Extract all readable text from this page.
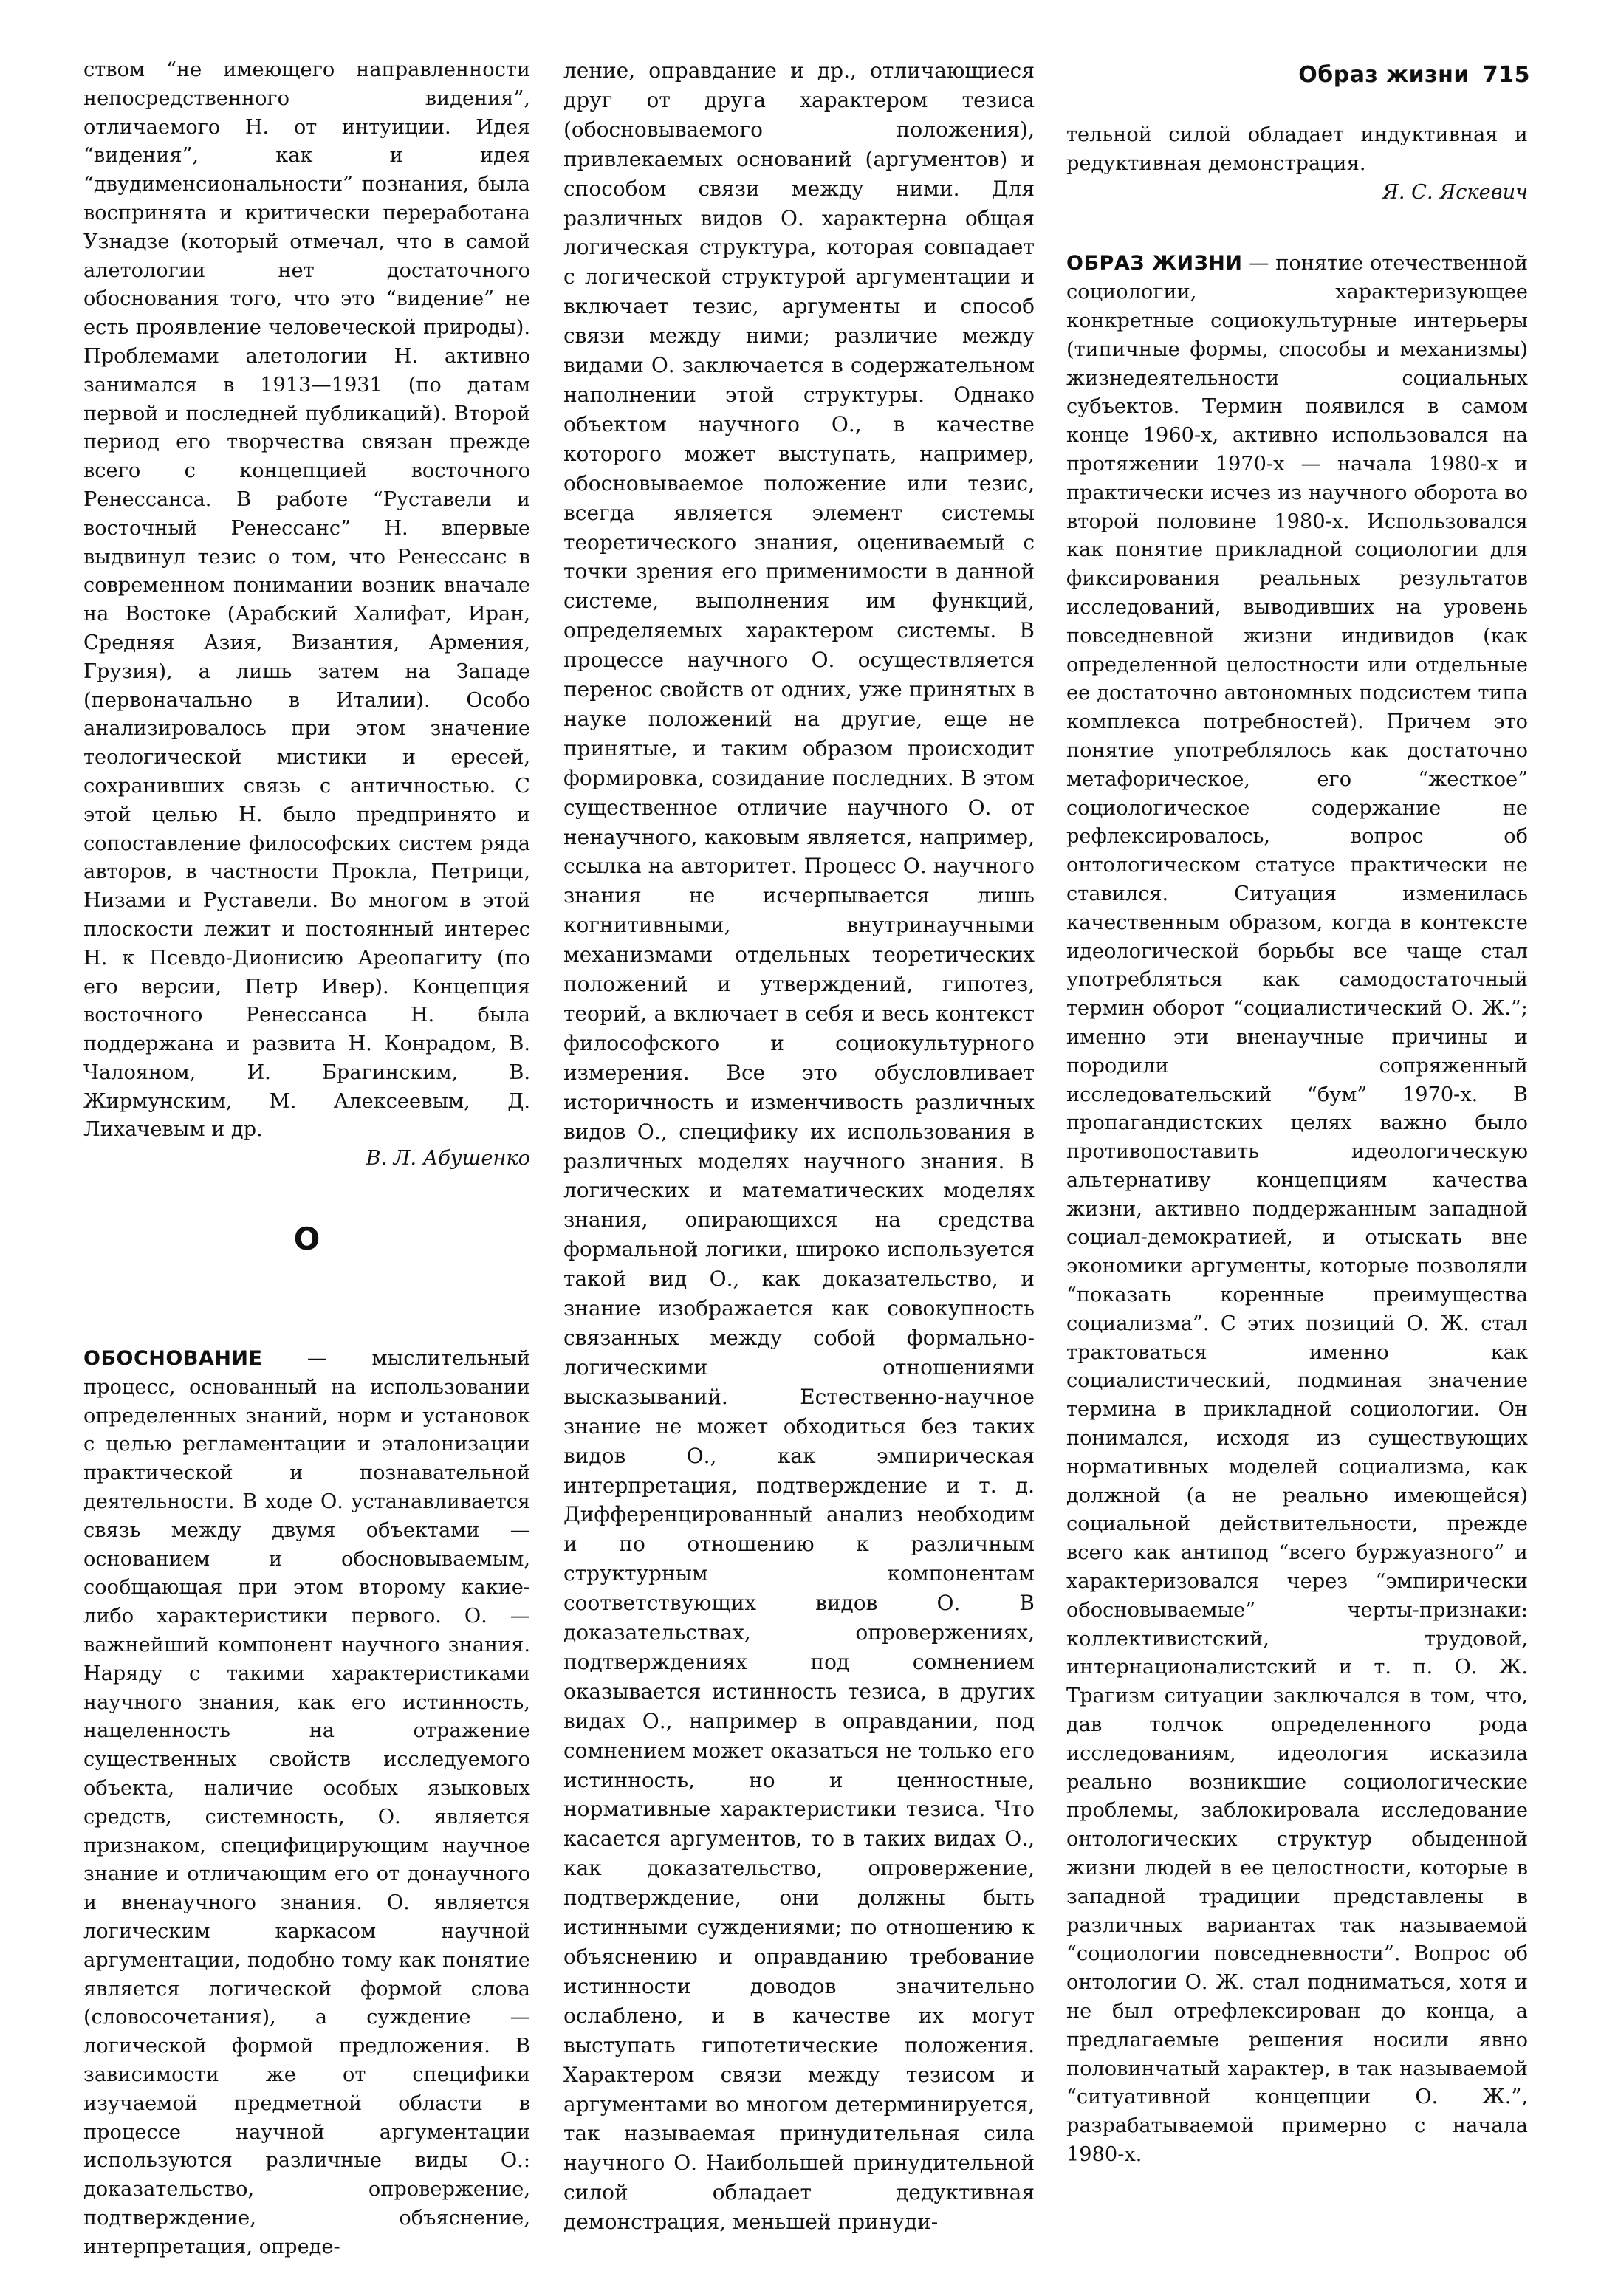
Образ жизни 715

ством “не имеющего направленности непосредственного видения”, отличаемого Н. от интуиции. Идея “видения”, как и идея “двудименсиональности” познания, была воспринята и критически переработана Узнадзе (который отмечал, что в самой алетологии нет достаточного обоснования того, что это “видение” не есть проявление человеческой природы). Проблемами алетологии Н. активно занимался в 1913—1931 (по датам первой и последней публикаций). Второй период его творчества связан прежде всего с концепцией восточного Ренессанса. В работе “Руставели и восточный Ренессанс” Н. впервые выдвинул тезис о том, что Ренессанс в современном понимании возник вначале на Востоке (Арабский Халифат, Иран, Средняя Азия, Византия, Армения, Грузия), а лишь затем на Западе (первоначально в Италии). Особо анализировалось при этом значение теологической мистики и ересей, сохранивших связь с античностью. С этой целью Н. было предпринято и сопоставление философских систем ряда авторов, в частности Прокла, Петрици, Низами и Руставели. Во многом в этой плоскости лежит и постоянный интерес Н. к Псевдо-Дионисию Ареопагиту (по его версии, Петр Ивер). Концепция восточного Ренессанса Н. была поддержана и развита Н. Конрадом, В. Чалояном, И. Брагинским, В. Жирмунским, М. Алексеевым, Д. Лихачевым и др.

В. Л. Абушенко

О

ОБОСНОВАНИЕ — мыслительный процесс, основанный на использовании определенных знаний, норм и установок с целью регламентации и эталонизации практической и познавательной деятельности. В ходе О. устанавливается связь между двумя объектами — основанием и обосновываемым, сообщающая при этом второму какие-либо характеристики первого. О. — важнейший компонент научного знания. Наряду с такими характеристиками научного знания, как его истинность, нацеленность на отражение существенных свойств исследуемого объекта, наличие особых языковых средств, системность, О. является признаком, специфицирующим научное знание и отличающим его от донаучного и вненаучного знания. О. является логическим каркасом научной аргументации, подобно тому как понятие является логической формой слова (словосочетания), а суждение — логической формой предложения. В зависимости же от специфики изучаемой предметной области в процессе научной аргументации используются различные виды О.: доказательство, опровержение, подтверждение, объяснение, интерпретация, опреде-

ление, оправдание и др., отличающиеся друг от друга характером тезиса (обосновываемого положения), привлекаемых оснований (аргументов) и способом связи между ними. Для различных видов О. характерна общая логическая структура, которая совпадает с логической структурой аргументации и включает тезис, аргументы и способ связи между ними; различие между видами О. заключается в содержательном наполнении этой структуры. Однако объектом научного О., в качестве которого может выступать, например, обосновываемое положение или тезис, всегда является элемент системы теоретического знания, оцениваемый с точки зрения его применимости в данной системе, выполнения им функций, определяемых характером системы. В процессе научного О. осуществляется перенос свойств от одних, уже принятых в науке положений на другие, еще не принятые, и таким образом происходит формировка, созидание последних. В этом существенное отличие научного О. от ненаучного, каковым является, например, ссылка на авторитет. Процесс О. научного знания не исчерпывается лишь когнитивными, внутринаучными механизмами отдельных теоретических положений и утверждений, гипотез, теорий, а включает в себя и весь контекст философского и социокультурного измерения. Все это обусловливает историчность и изменчивость различных видов О., специфику их использования в различных моделях научного знания. В логических и математических моделях знания, опирающихся на средства формальной логики, широко используется такой вид О., как доказательство, и знание изображается как совокупность связанных между собой формально-логическими отношениями высказываний. Естественно-научное знание не может обходиться без таких видов О., как эмпирическая интерпретация, подтверждение и т. д. Дифференцированный анализ необходим и по отношению к различным структурным компонентам соответствующих видов О. В доказательствах, опровержениях, подтверждениях под сомнением оказывается истинность тезиса, в других видах О., например в оправдании, под сомнением может оказаться не только его истинность, но и ценностные, нормативные характеристики тезиса. Что касается аргументов, то в таких видах О., как доказательство, опровержение, подтверждение, они должны быть истинными суждениями; по отношению к объяснению и оправданию требование истинности доводов значительно ослаблено, и в качестве их могут выступать гипотетические положения. Характером связи между тезисом и аргументами во многом детерминируется, так называемая принудительная сила научного О. Наибольшей принудительной силой обладает дедуктивная демонстрация, меньшей принуди-

тельной силой обладает индуктивная и редуктивная демонстрация.

Я. С. Яскевич

ОБРАЗ ЖИЗНИ — понятие отечественной социологии, характеризующее конкретные социокультурные интерьеры (типичные формы, способы и механизмы) жизнедеятельности социальных субъектов. Термин появился в самом конце 1960-х, активно использовался на протяжении 1970-х — начала 1980-х и практически исчез из научного оборота во второй половине 1980-х. Использовался как понятие прикладной социологии для фиксирования реальных результатов исследований, выводивших на уровень повседневной жизни индивидов (как определенной целостности или отдельные ее достаточно автономных подсистем типа комплекса потребностей). Причем это понятие употреблялось как достаточно метафорическое, его “жесткое” социологическое содержание не рефлексировалось, вопрос об онтологическом статусе практически не ставился. Ситуация изменилась качественным образом, когда в контексте идеологической борьбы все чаще стал употребляться как самодостаточный термин оборот “социалистический О. Ж.”; именно эти вненаучные причины и породили сопряженный исследовательский “бум” 1970-х. В пропагандистских целях важно было противопоставить идеологическую альтернативу концепциям качества жизни, активно поддержанным западной социал-демократией, и отыскать вне экономики аргументы, которые позволяли “показать коренные преимущества социализма”. С этих позиций О. Ж. стал трактоваться именно как социалистический, подминая значение термина в прикладной социологии. Он понимался, исходя из существующих нормативных моделей социализма, как должной (а не реально имеющейся) социальной действительности, прежде всего как антипод “всего буржуазного” и характеризовался через “эмпирически обосновываемые” черты-признаки: коллективистский, трудовой, интернационалистский и т. п. О. Ж. Трагизм ситуации заключался в том, что, дав толчок определенного рода исследованиям, идеология исказила реально возникшие социологические проблемы, заблокировала исследование онтологических структур обыденной жизни людей в ее целостности, которые в западной традиции представлены в различных вариантах так называемой “социологии повседневности”. Вопрос об онтологии О. Ж. стал подниматься, хотя и не был отрефлексирован до конца, а предлагаемые решения носили явно половинчатый характер, в так называемой “ситуативной концепции О. Ж.”, разрабатываемой примерно с начала 1980-х.
